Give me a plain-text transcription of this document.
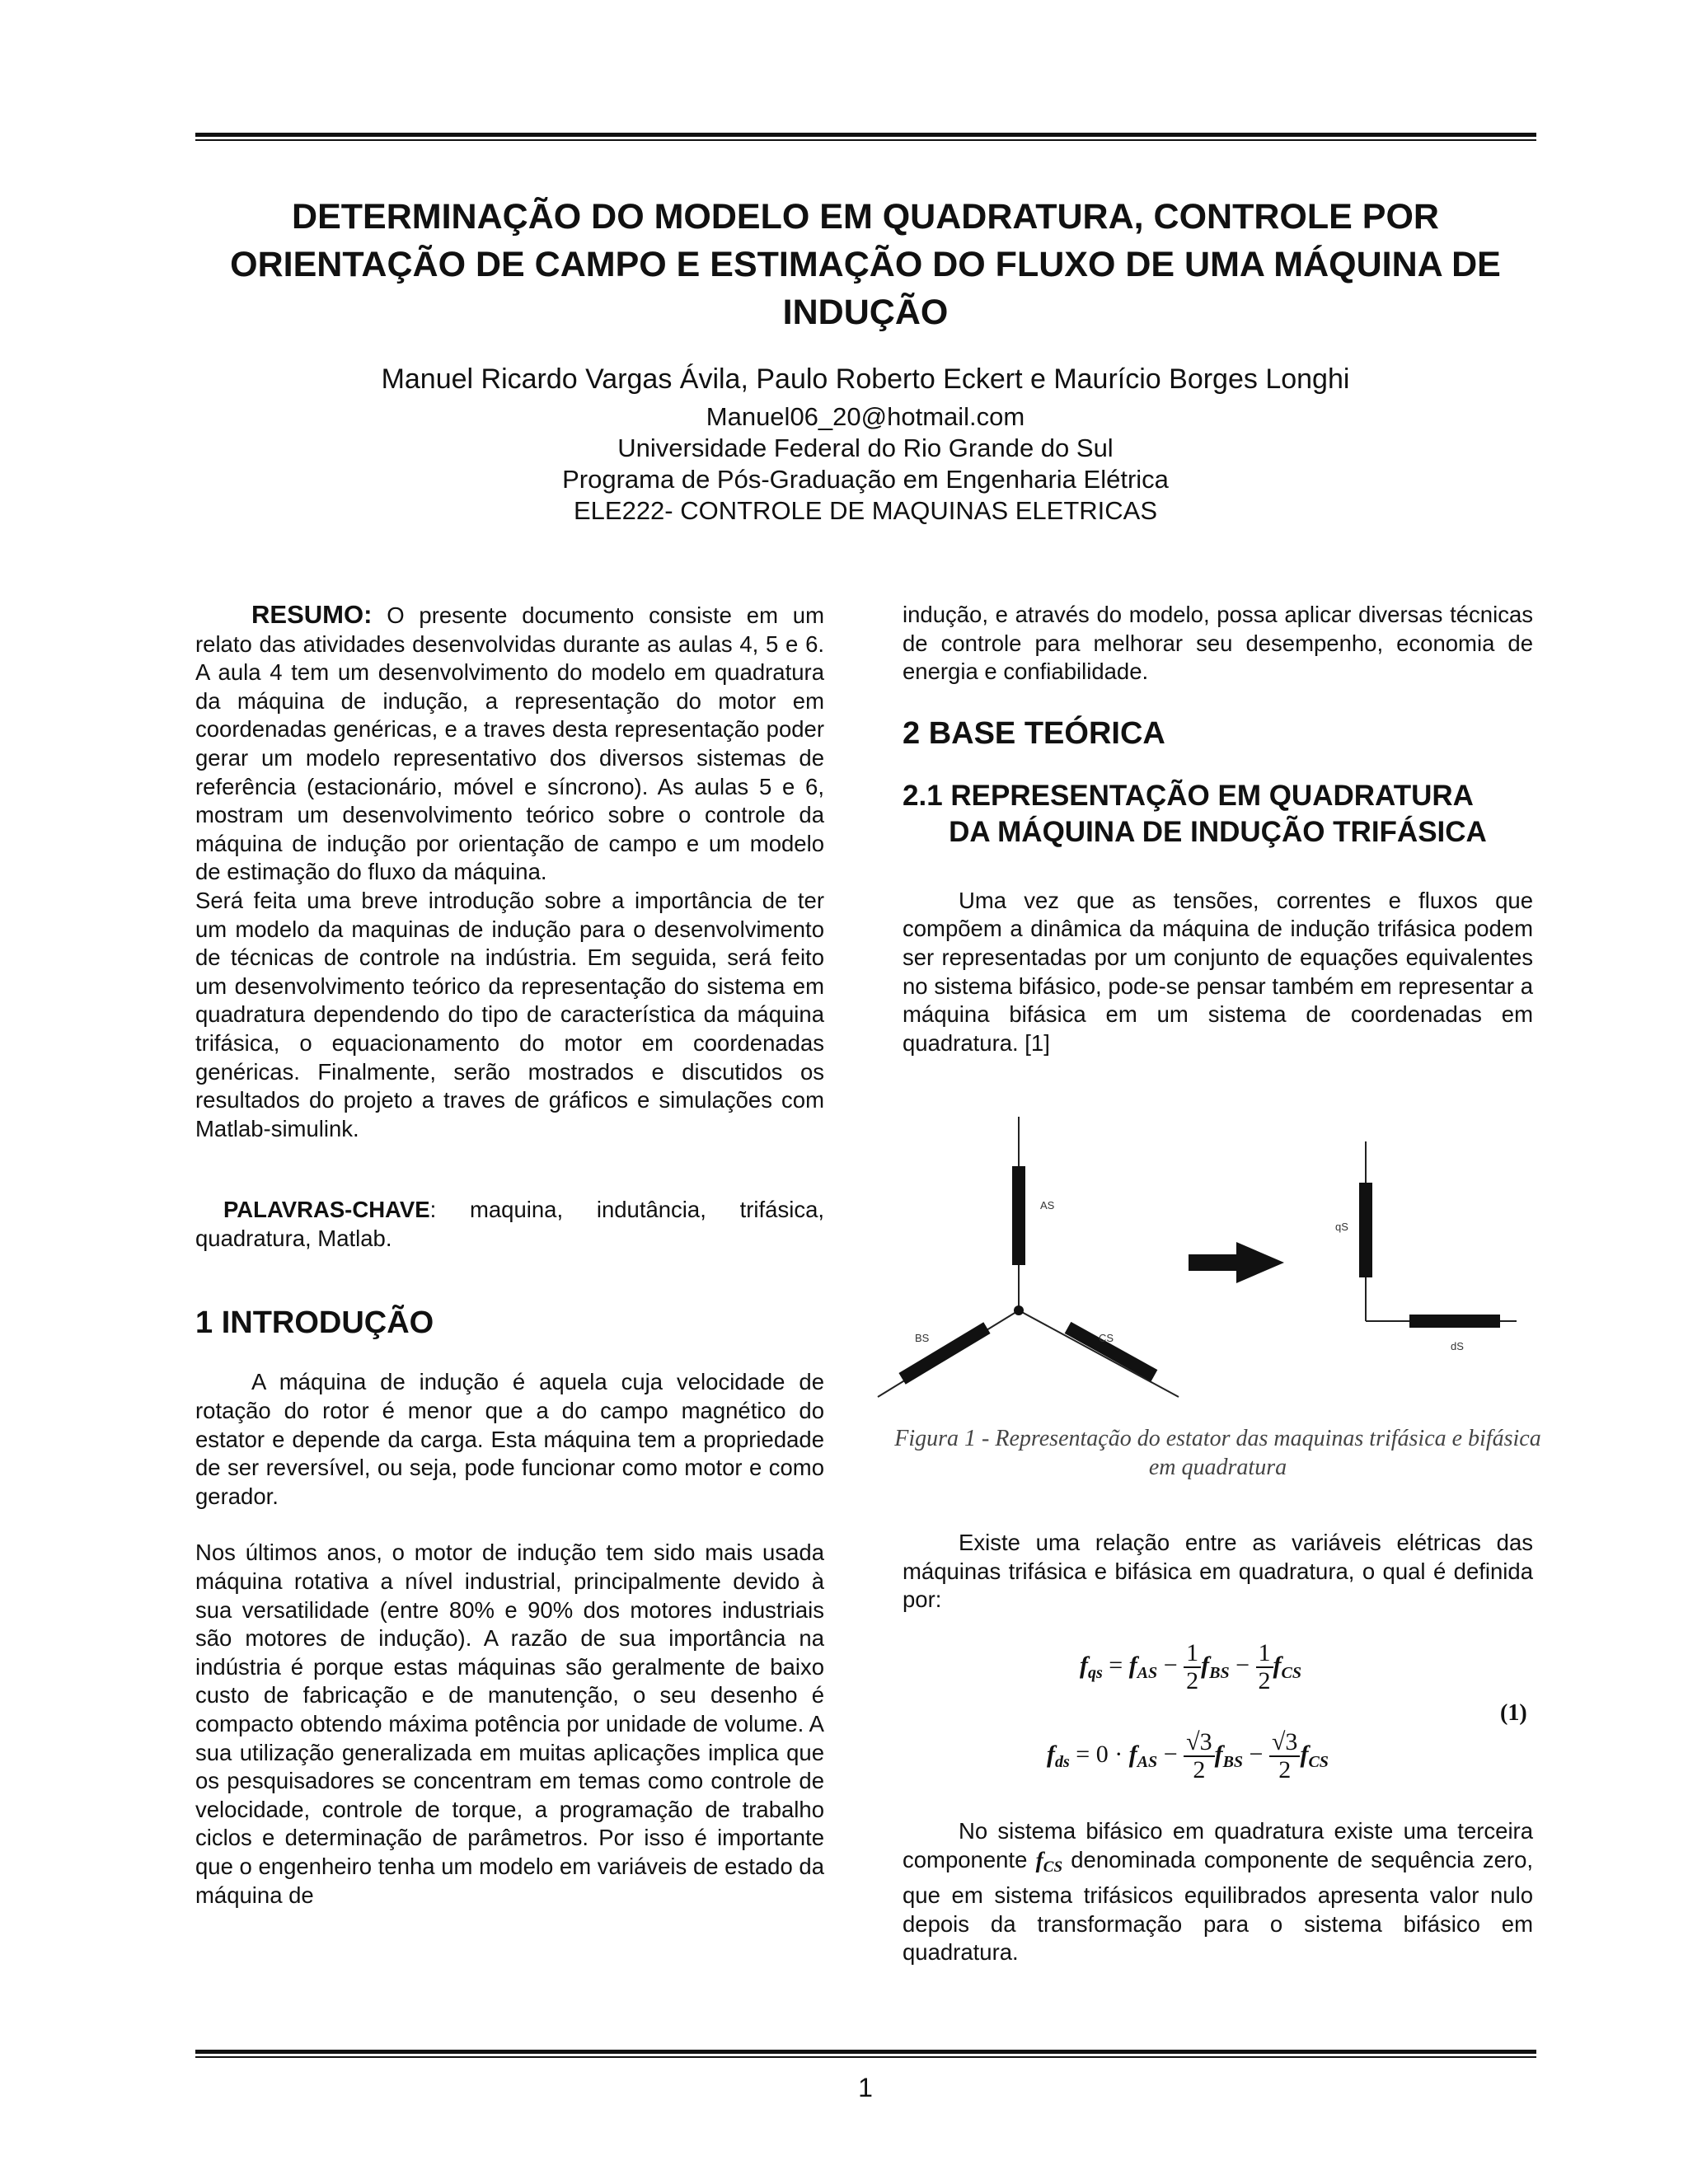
DETERMINAÇÃO DO MODELO EM QUADRATURA, CONTROLE POR ORIENTAÇÃO DE CAMPO E ESTIMAÇÃO DO FLUXO DE UMA MÁQUINA DE INDUÇÃO
Manuel Ricardo Vargas Ávila, Paulo Roberto Eckert e Maurício Borges Longhi
Manuel06_20@hotmail.com
Universidade Federal do Rio Grande do Sul
Programa de Pós-Graduação em Engenharia Elétrica
ELE222- CONTROLE DE MAQUINAS ELETRICAS

RESUMO: O presente documento consiste em um relato das atividades desenvolvidas durante as aulas 4, 5 e 6. A aula 4 tem um desenvolvimento do modelo em quadratura da máquina de indução, a representação do motor em coordenadas genéricas, e a traves desta representação poder gerar um modelo representativo dos diversos sistemas de referência (estacionário, móvel e síncrono). As aulas 5 e 6, mostram um desenvolvimento teórico sobre o controle da máquina de indução por orientação de campo e um modelo de estimação do fluxo da máquina.

Será feita uma breve introdução sobre a importância de ter um modelo da maquinas de indução para o desenvolvimento de técnicas de controle na indústria. Em seguida, será feito um desenvolvimento teórico da representação do sistema em quadratura dependendo do tipo de característica da máquina trifásica, o equacionamento do motor em coordenadas genéricas. Finalmente, serão mostrados e discutidos os resultados do projeto a traves de gráficos e simulações com Matlab-simulink.

PALAVRAS-CHAVE: maquina, indutância, trifásica, quadratura, Matlab.

1 INTRODUÇÃO

A máquina de indução é aquela cuja velocidade de rotação do rotor é menor que a do campo magnético do estator e depende da carga. Esta máquina tem a propriedade de ser reversível, ou seja, pode funcionar como motor e como gerador.

Nos últimos anos, o motor de indução tem sido mais usada máquina rotativa a nível industrial, principalmente devido à sua versatilidade (entre 80% e 90% dos motores industriais são motores de indução). A razão de sua importância na indústria é porque estas máquinas são geralmente de baixo custo de fabricação e de manutenção, o seu desenho é compacto obtendo máxima potência por unidade de volume. A sua utilização generalizada em muitas aplicações implica que os pesquisadores se concentram em temas como controle de velocidade, controle de torque, a programação de trabalho ciclos e determinação de parâmetros. Por isso é importante que o engenheiro tenha um modelo em variáveis de estado da máquina de

indução, e através do modelo, possa aplicar diversas técnicas de controle para melhorar seu desempenho, economia de energia e confiabilidade.

2 BASE TEÓRICA
2.1 REPRESENTAÇÃO EM QUADRATURA
DA MÁQUINA DE INDUÇÃO TRIFÁSICA

Uma vez que as tensões, correntes e fluxos que compõem a dinâmica da máquina de indução trifásica podem ser representadas por um conjunto de equações equivalentes no sistema bifásico, pode-se pensar também em representar a máquina bifásica em um sistema de coordenadas em quadratura. [1]

AS
BS	CS
qS
dS
Figura 1 - Representação do estator das maquinas trifásica e bifásica em quadratura

Existe uma relação entre as variáveis elétricas das máquinas trifásica e bifásica em quadratura, o qual é definida por:

$f_{qs} = f_{AS} - \frac{1}{2} f_{BS} - \frac{1}{2} f_{CS}$
(1)
$f_{ds} = 0 \cdot f_{AS} - \frac{√3}{2} f_{BS} - \frac{√3}{2} f_{CS}$

No sistema bifásico em quadratura existe uma terceira componente $f_{CS}$ denominada componente de sequência zero, que em sistema trifásicos equilibrados apresenta valor nulo depois da transformação para o sistema bifásico em quadratura.

1
